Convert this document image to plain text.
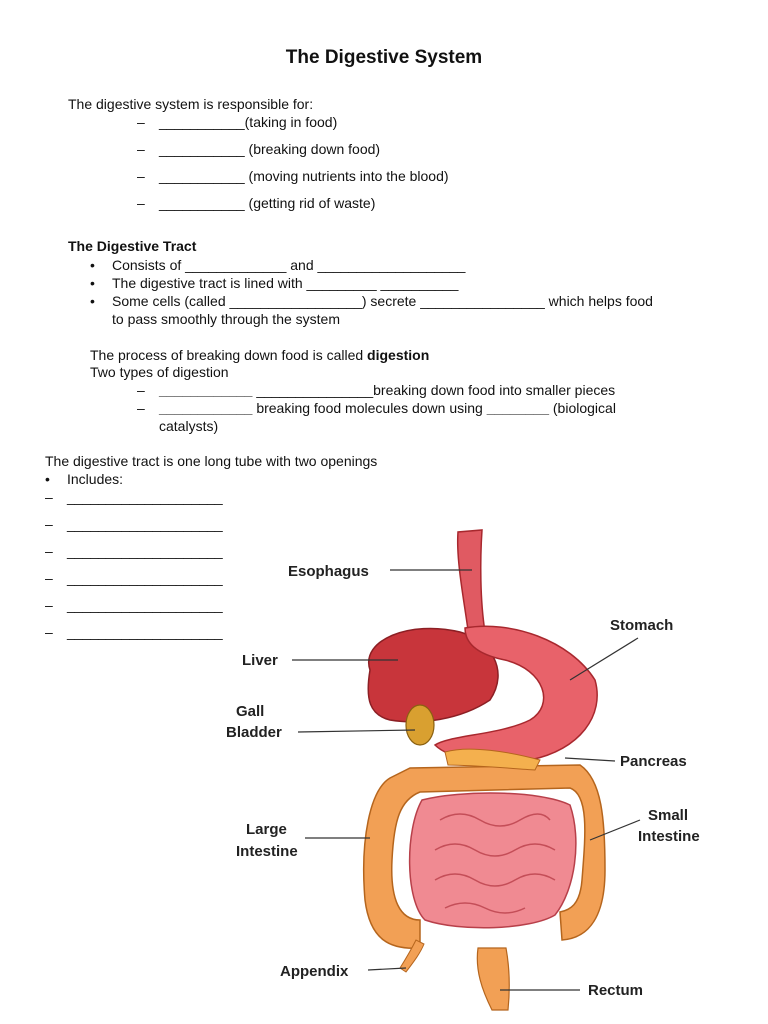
The Digestive System
The digestive system is responsible for:
– ___________(taking in food)
– ___________ (breaking down food)
– ___________ (moving nutrients into the blood)
– ___________ (getting rid of waste)
The Digestive Tract
• Consists of _____________ and ___________________
• The digestive tract is lined with _________ __________
• Some cells (called _________________) secrete ________________ which helps food
to pass smoothly through the system
The process of breaking down food is called digestion
Two types of digestion
– ____________ _______________breaking down food into smaller pieces
– ____________ breaking food molecules down using ________ (biological
catalysts)
The digestive tract is one long tube with two openings
• Includes:
– ____________________
– ____________________
– ____________________
– ____________________
– ____________________
– ____________________
Esophagus
Stomach
Liver
Gall
Bladder
Pancreas
Small
Intestine
Large
Intestine
Appendix
Rectum
